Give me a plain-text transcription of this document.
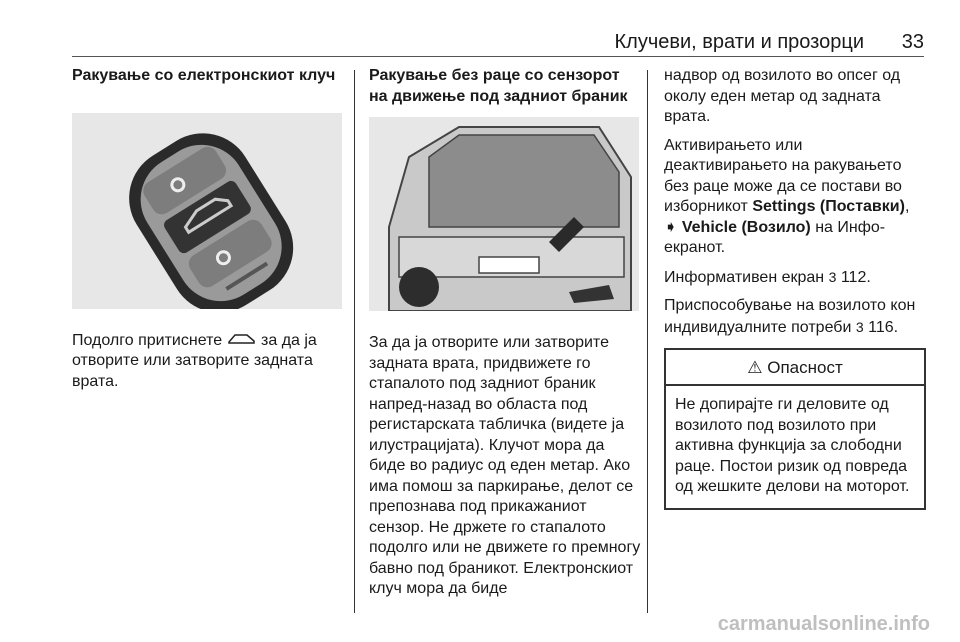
Клучеви, врати и прозорци 33

Ракување со електронскиот клуч

Подолго притиснете за да ја отворите или затворите задната врата.

Ракување без раце со сензорот на движење под задниот браник

За да ја отворите или затворите задната врата, придвижете го стапалото под задниот браник напред-назад во областа под регистарската табличка (видете ја илустрацијата). Клучот мора да биде во радиус од еден метар. Ако има помош за паркирање, делот се препознава под прикажаниот сензор. Не држете го стапалото подолго или не движете го премногу бавно под браникот. Електронскиот клуч мора да биде

надвор од возилото во опсег од околу еден метар од задната врата.

Активирањето или деактивирањето на ракувањето без раце може да се постави во изборникот Settings (Поставки), ➧ Vehicle (Возило) на Инфо-екранот.

Информативен екран 3 112.

Приспособување на возилото кон индивидуалните потреби 3 116.

⚠ Опасност
Не допирајте ги деловите од возилото под возилото при активна функција за слободни раце. Постои ризик од повреда од жешките делови на моторот.
carmanualsonline.info
